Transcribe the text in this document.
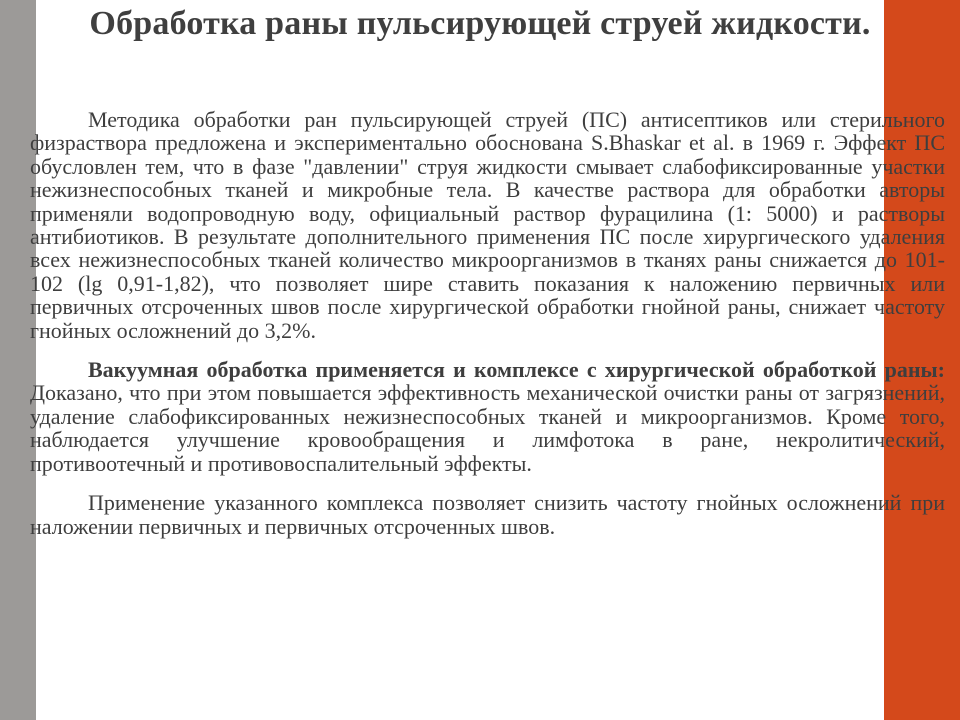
Обработка раны пульсирующей струей жидкости.

Методика обработки ран пульсирующей струей (ПС) антисептиков или стерильного физраствора предложена и экспериментально обоснована S.Bhaskar et al. в 1969 г. Эффект ПС обусловлен тем, что в фазе "давлении" струя жидкости смывает слабофиксированные участки нежизнеспособных тканей и микробные тела. В качестве раствора для обработки авторы применяли водопроводную воду, официальный раствор фурацилина (1: 5000) и растворы антибиотиков. В результате дополнительного применения ПС после хирургического удаления всех нежизнеспособных тканей количество микроорганизмов в тканях раны снижается до 101-102 (lg 0,91-1,82), что позволяет шире ставить показания к наложению первичных или первичных отсроченных швов после хирургической обработки гнойной раны, снижает частоту гнойных осложнений до 3,2%.

Вакуумная обработка применяется и комплексе с хирургической обработкой раны: Доказано, что при этом повышается эффективность механической очистки раны от загрязнений, удаление слабофиксированных нежизнеспособных тканей и микроорганизмов. Кроме того, наблюдается улучшение кровообращения и лимфотока в ране, некролитический, противоотечный и противовоспалительный эффекты.

Применение указанного комплекса позволяет снизить частоту гнойных осложнений при наложении первичных и первичных отсроченных швов.
